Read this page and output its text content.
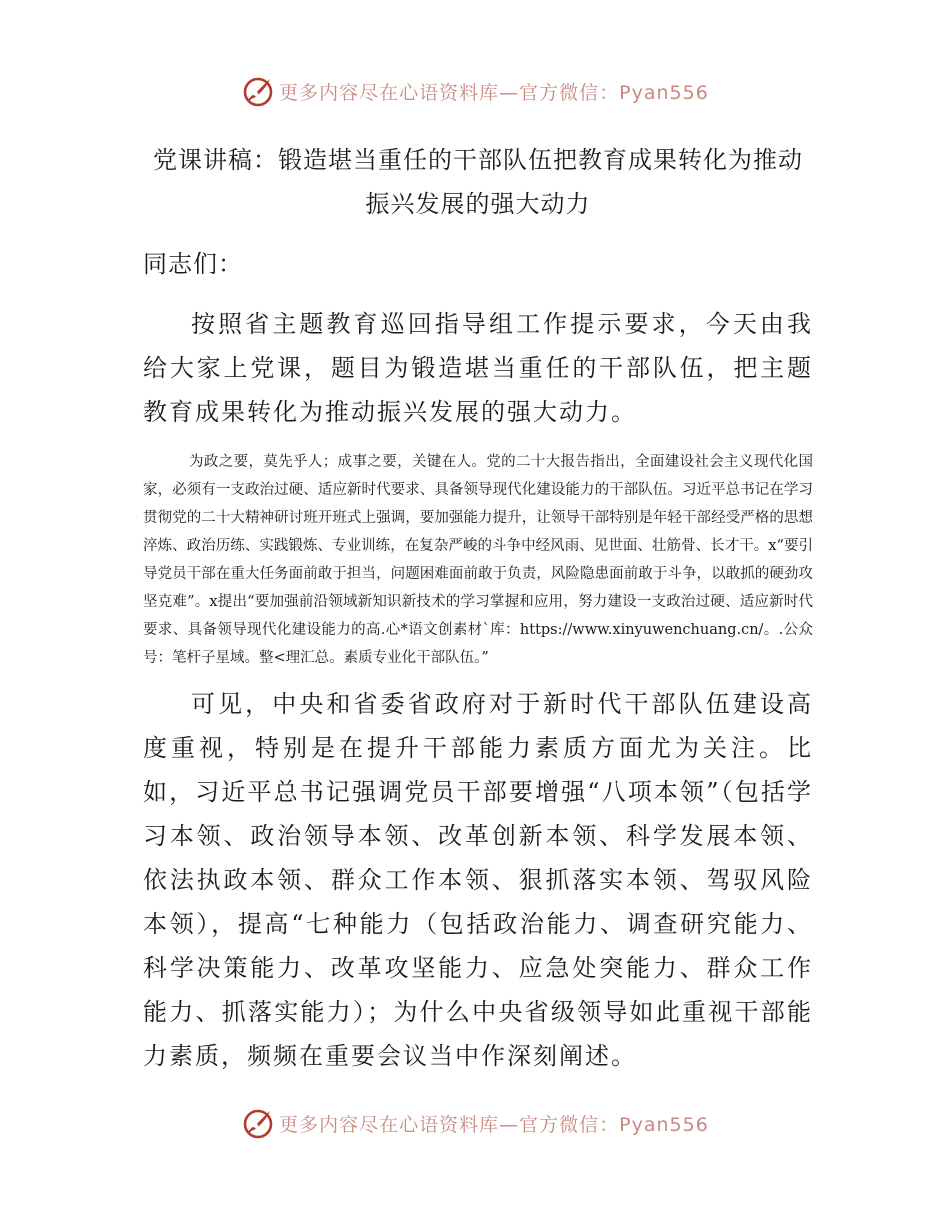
更多内容尽在心语资料库—官方微信：Pyan556
党课讲稿：锻造堪当重任的干部队伍把教育成果转化为推动振兴发展的强大动力

同志们：

按照省主题教育巡回指导组工作提示要求，今天由我给大家上党课，题目为锻造堪当重任的干部队伍，把主题教育成果转化为推动振兴发展的强大动力。

为政之要，莫先乎人；成事之要，关键在人。党的二十大报告指出，全面建设社会主义现代化国家，必须有一支政治过硬、适应新时代要求、具备领导现代化建设能力的干部队伍。习近平总书记在学习贯彻党的二十大精神研讨班开班式上强调，要加强能力提升，让领导干部特别是年轻干部经受严格的思想淬炼、政治历练、实践锻炼、专业训练，在复杂严峻的斗争中经风雨、见世面、壮筋骨、长才干。x“要引导党员干部在重大任务面前敢于担当，问题困难面前敢于负责，风险隐患面前敢于斗争，以敢抓的硬劲攻坚克难”。x提出“要加强前沿领域新知识新技术的学习掌握和应用，努力建设一支政治过硬、适应新时代要求、具备领导现代化建设能力的高.心*语文创素材`库：https://www.xinyuwenchuang.cn/。.公众号：笔杆子星域。整<理汇总。素质专业化干部队伍。”

可见，中央和省委省政府对于新时代干部队伍建设高度重视，特别是在提升干部能力素质方面尤为关注。比如，习近平总书记强调党员干部要增强“八项本领”（包括学习本领、政治领导本领、改革创新本领、科学发展本领、依法执政本领、群众工作本领、狠抓落实本领、驾驭风险本领），提高“七种能力（包括政治能力、调查研究能力、科学决策能力、改革攻坚能力、应急处突能力、群众工作能力、抓落实能力）；为什么中央省级领导如此重视干部能力素质，频频在重要会议当中作深刻阐述。

更多内容尽在心语资料库—官方微信：Pyan556
